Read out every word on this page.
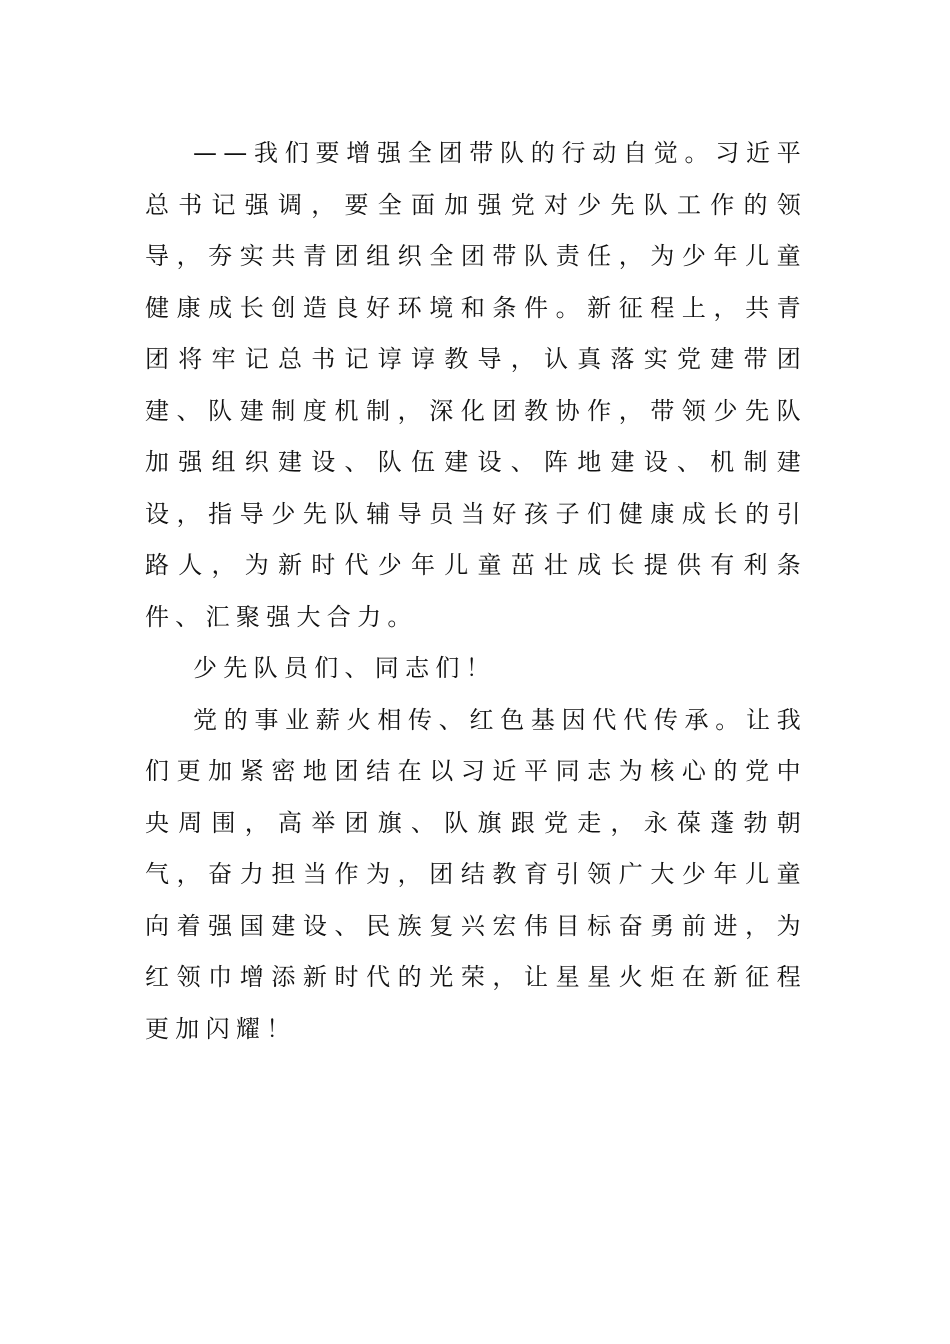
——我们要增强全团带队的行动自觉。习近平总书记强调，要全面加强党对少先队工作的领导，夯实共青团组织全团带队责任，为少年儿童健康成长创造良好环境和条件。新征程上，共青团将牢记总书记谆谆教导，认真落实党建带团建、队建制度机制，深化团教协作，带领少先队加强组织建设、队伍建设、阵地建设、机制建设，指导少先队辅导员当好孩子们健康成长的引路人，为新时代少年儿童茁壮成长提供有利条件、汇聚强大合力。

少先队员们、同志们！

党的事业薪火相传、红色基因代代传承。让我们更加紧密地团结在以习近平同志为核心的党中央周围，高举团旗、队旗跟党走，永葆蓬勃朝气，奋力担当作为，团结教育引领广大少年儿童向着强国建设、民族复兴宏伟目标奋勇前进，为红领巾增添新时代的光荣，让星星火炬在新征程更加闪耀！
